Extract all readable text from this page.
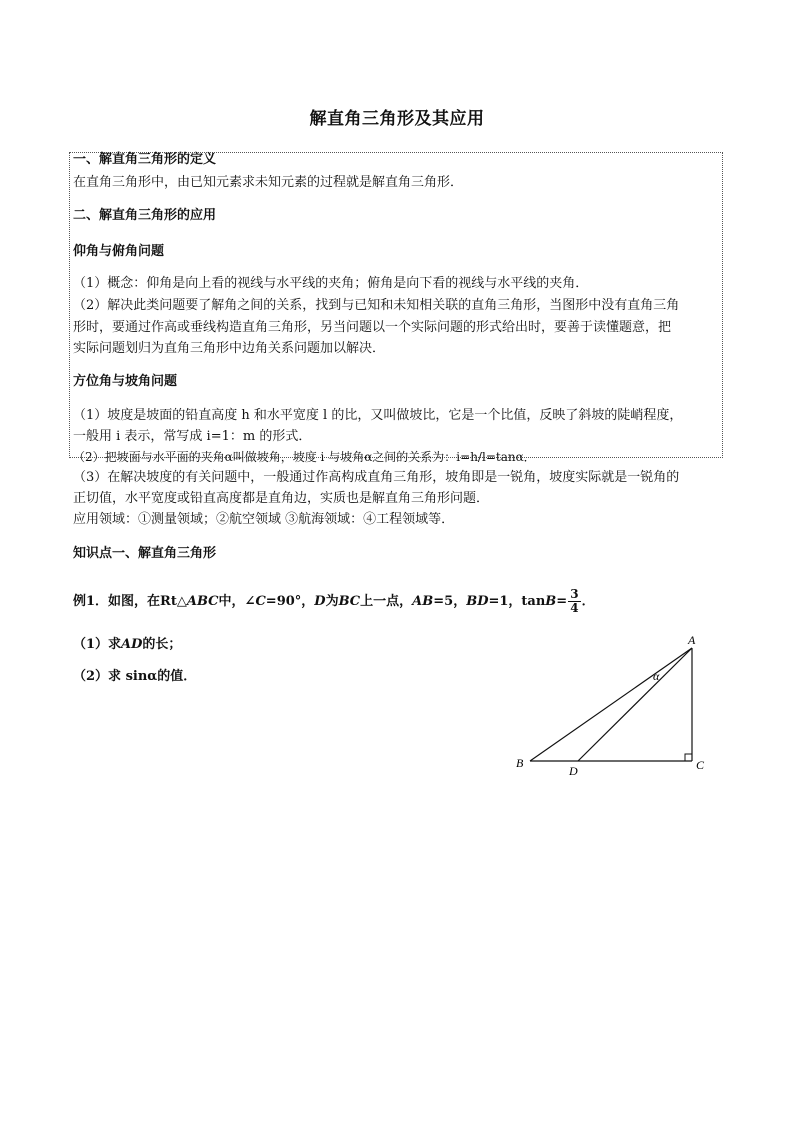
解直角三角形及其应用
一、解直角三角形的定义
在直角三角形中，由已知元素求未知元素的过程就是解直角三角形．
二、解直角三角形的应用
仰角与俯角问题
（1）概念：仰角是向上看的视线与水平线的夹角；俯角是向下看的视线与水平线的夹角．
（2）解决此类问题要了解角之间的关系，找到与已知和未知相关联的直角三角形，当图形中没有直角三角
形时，要通过作高或垂线构造直角三角形，另当问题以一个实际问题的形式给出时，要善于读懂题意，把
实际问题划归为直角三角形中边角关系问题加以解决．
方位角与坡角问题
（1）坡度是坡面的铅直高度 h 和水平宽度 l 的比，又叫做坡比，它是一个比值，反映了斜坡的陡峭程度，
一般用 i 表示，常写成 i=1：m 的形式．
（2）把坡面与水平面的夹角α叫做坡角，坡度 i 与坡角α之间的关系为：i=h/l=tanα．
（3）在解决坡度的有关问题中，一般通过作高构成直角三角形，坡角即是一锐角，坡度实际就是一锐角的
正切值，水平宽度或铅直高度都是直角边，实质也是解直角三角形问题．
应用领域：①测量领域；②航空领域 ③航海领域：④工程领域等．
知识点一、解直角三角形
例1．如图，在Rt△ABC中，∠C=90°，D为BC上一点，AB=5，BD=1，$\tan B= \frac{3}{4}$ ．
（1）求AD的长；
（2）求 sinα的值．
A
B	C
D
α
